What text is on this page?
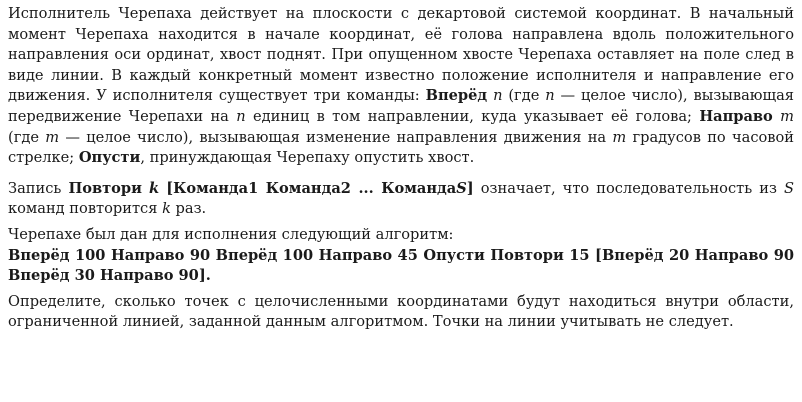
Исполнитель Черепаха действует на плоскости с декартовой системой координат. В начальный момент Черепаха находится в начале координат, её голова направлена вдоль положительного направления оси ординат, хвост поднят. При опущенном хвосте Черепаха оставляет на поле след в виде линии. В каждый конкретный момент известно положение исполнителя и направление его движения. У исполнителя существует три команды: Вперёд n (где n — целое число), вызывающая передвижение Черепахи на n единиц в том направлении, куда указывает её голова; Направо m (где m — целое число), вызывающая изменение направления движения на m градусов по часовой стрелке; Опусти, принуждающая Черепаху опустить хвост.

Запись Повтори k [Команда1 Команда2 ... КомандаS] означает, что последовательность из S команд повторится k раз.

Черепахе был дан для исполнения следующий алгоритм:

Вперёд 100 Направо 90 Вперёд 100 Направо 45 Опусти Повтори 15 [Вперёд 20 Направо 90 Вперёд 30 Направо 90].

Определите, сколько точек с целочисленными координатами будут находиться внутри области, ограниченной линией, заданной данным алгоритмом. Точки на линии учитывать не следует.
